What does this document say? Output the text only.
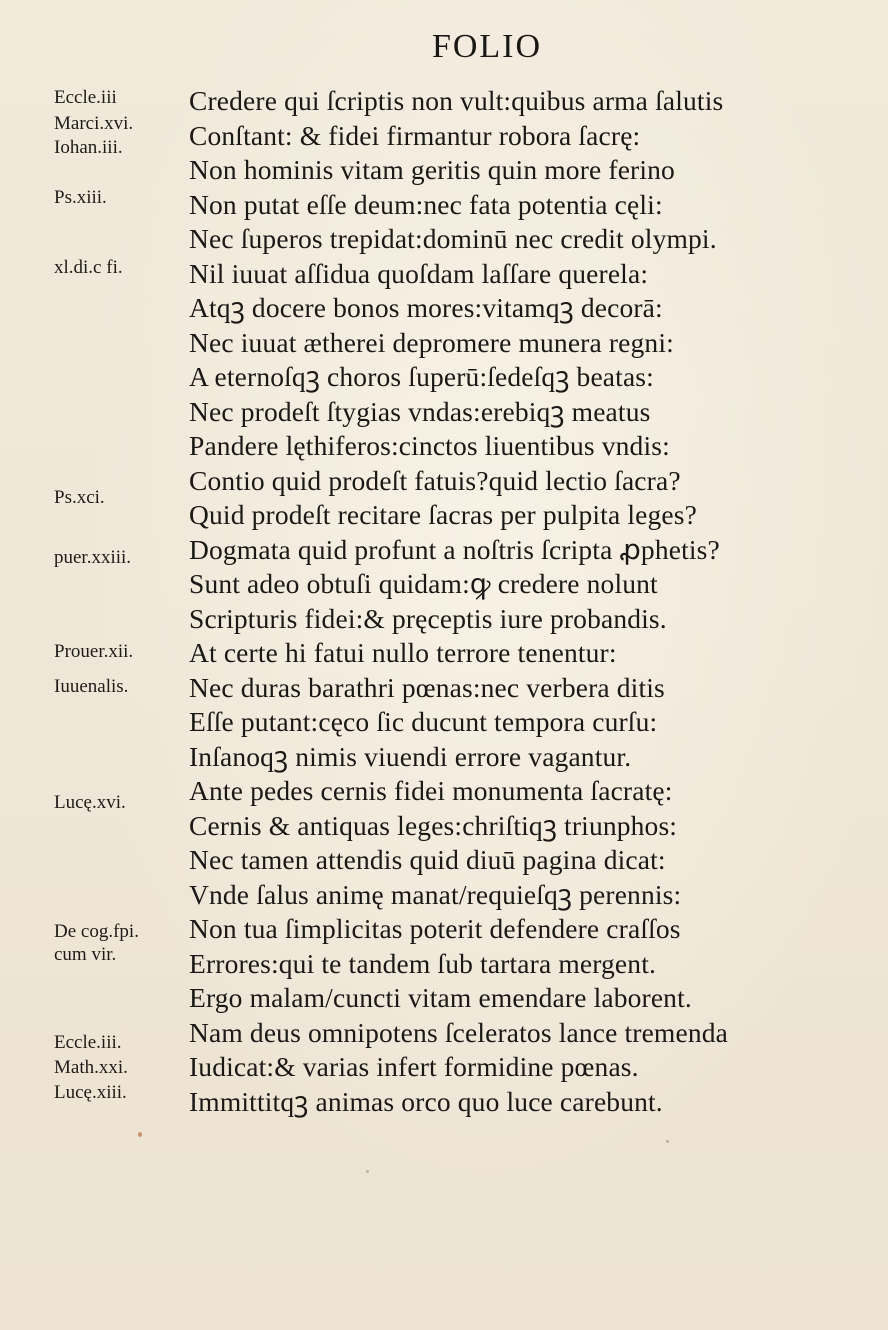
FOLIO
Eccle.iii
Marci.xvi.
Iohan.iii.
Ps.xiii.
xl.di.c fi.
Ps.xci.
puer.xxiii.
Prouer.xii.
Iuuenalis.
Lucę.xvi.
De cog.fpi.
cum vir.
Eccle.iii.
Math.xxi.
Lucę.xiii.
Credere qui ſcriptis non vult:quibus arma ſalutis
Conſtant: & fidei firmantur robora ſacrę:
Non hominis vitam geritis quin more ferino
Non putat eſſe deum:nec fata potentia cęli:
Nec ſuperos trepidat:dominū nec credit olympi.
Nil iuuat aſſidua quoſdam laſſare querela:
Atqꝫ docere bonos mores:vitamqꝫ decorā:
Nec iuuat ætherei depromere munera regni:
A eternoſqꝫ choros ſuperū:ſedeſqꝫ beatas:
Nec prodeſt ſtygias vndas:erebiqꝫ meatus
Pandere lęthiferos:cinctos liuentibus vndis:
Contio quid prodeſt fatuis?quid lectio ſacra?
Quid prodeſt recitare ſacras per pulpita leges?
Dogmata quid profunt a noſtris ſcripta ꝓphetis?
Sunt adeo obtuſi quidam:ꝙ credere nolunt
Scripturis fidei:& pręceptis iure probandis.
At certe hi fatui nullo terrore tenentur:
Nec duras barathri pœnas:nec verbera ditis
Eſſe putant:cęco ſic ducunt tempora curſu:
Inſanoqꝫ nimis viuendi errore vagantur.
Ante pedes cernis fidei monumenta ſacratę:
Cernis & antiquas leges:chriſtiqꝫ triunphos:
Nec tamen attendis quid diuū pagina dicat:
Vnde ſalus animę manat/requieſqꝫ perennis:
Non tua ſimplicitas poterit defendere craſſos
Errores:qui te tandem ſub tartara mergent.
Ergo malam/cuncti vitam emendare laborent.
Nam deus omnipotens ſceleratos lance tremenda
Iudicat:& varias infert formidine pœnas.
Immittitqꝫ animas orco quo luce carebunt.
